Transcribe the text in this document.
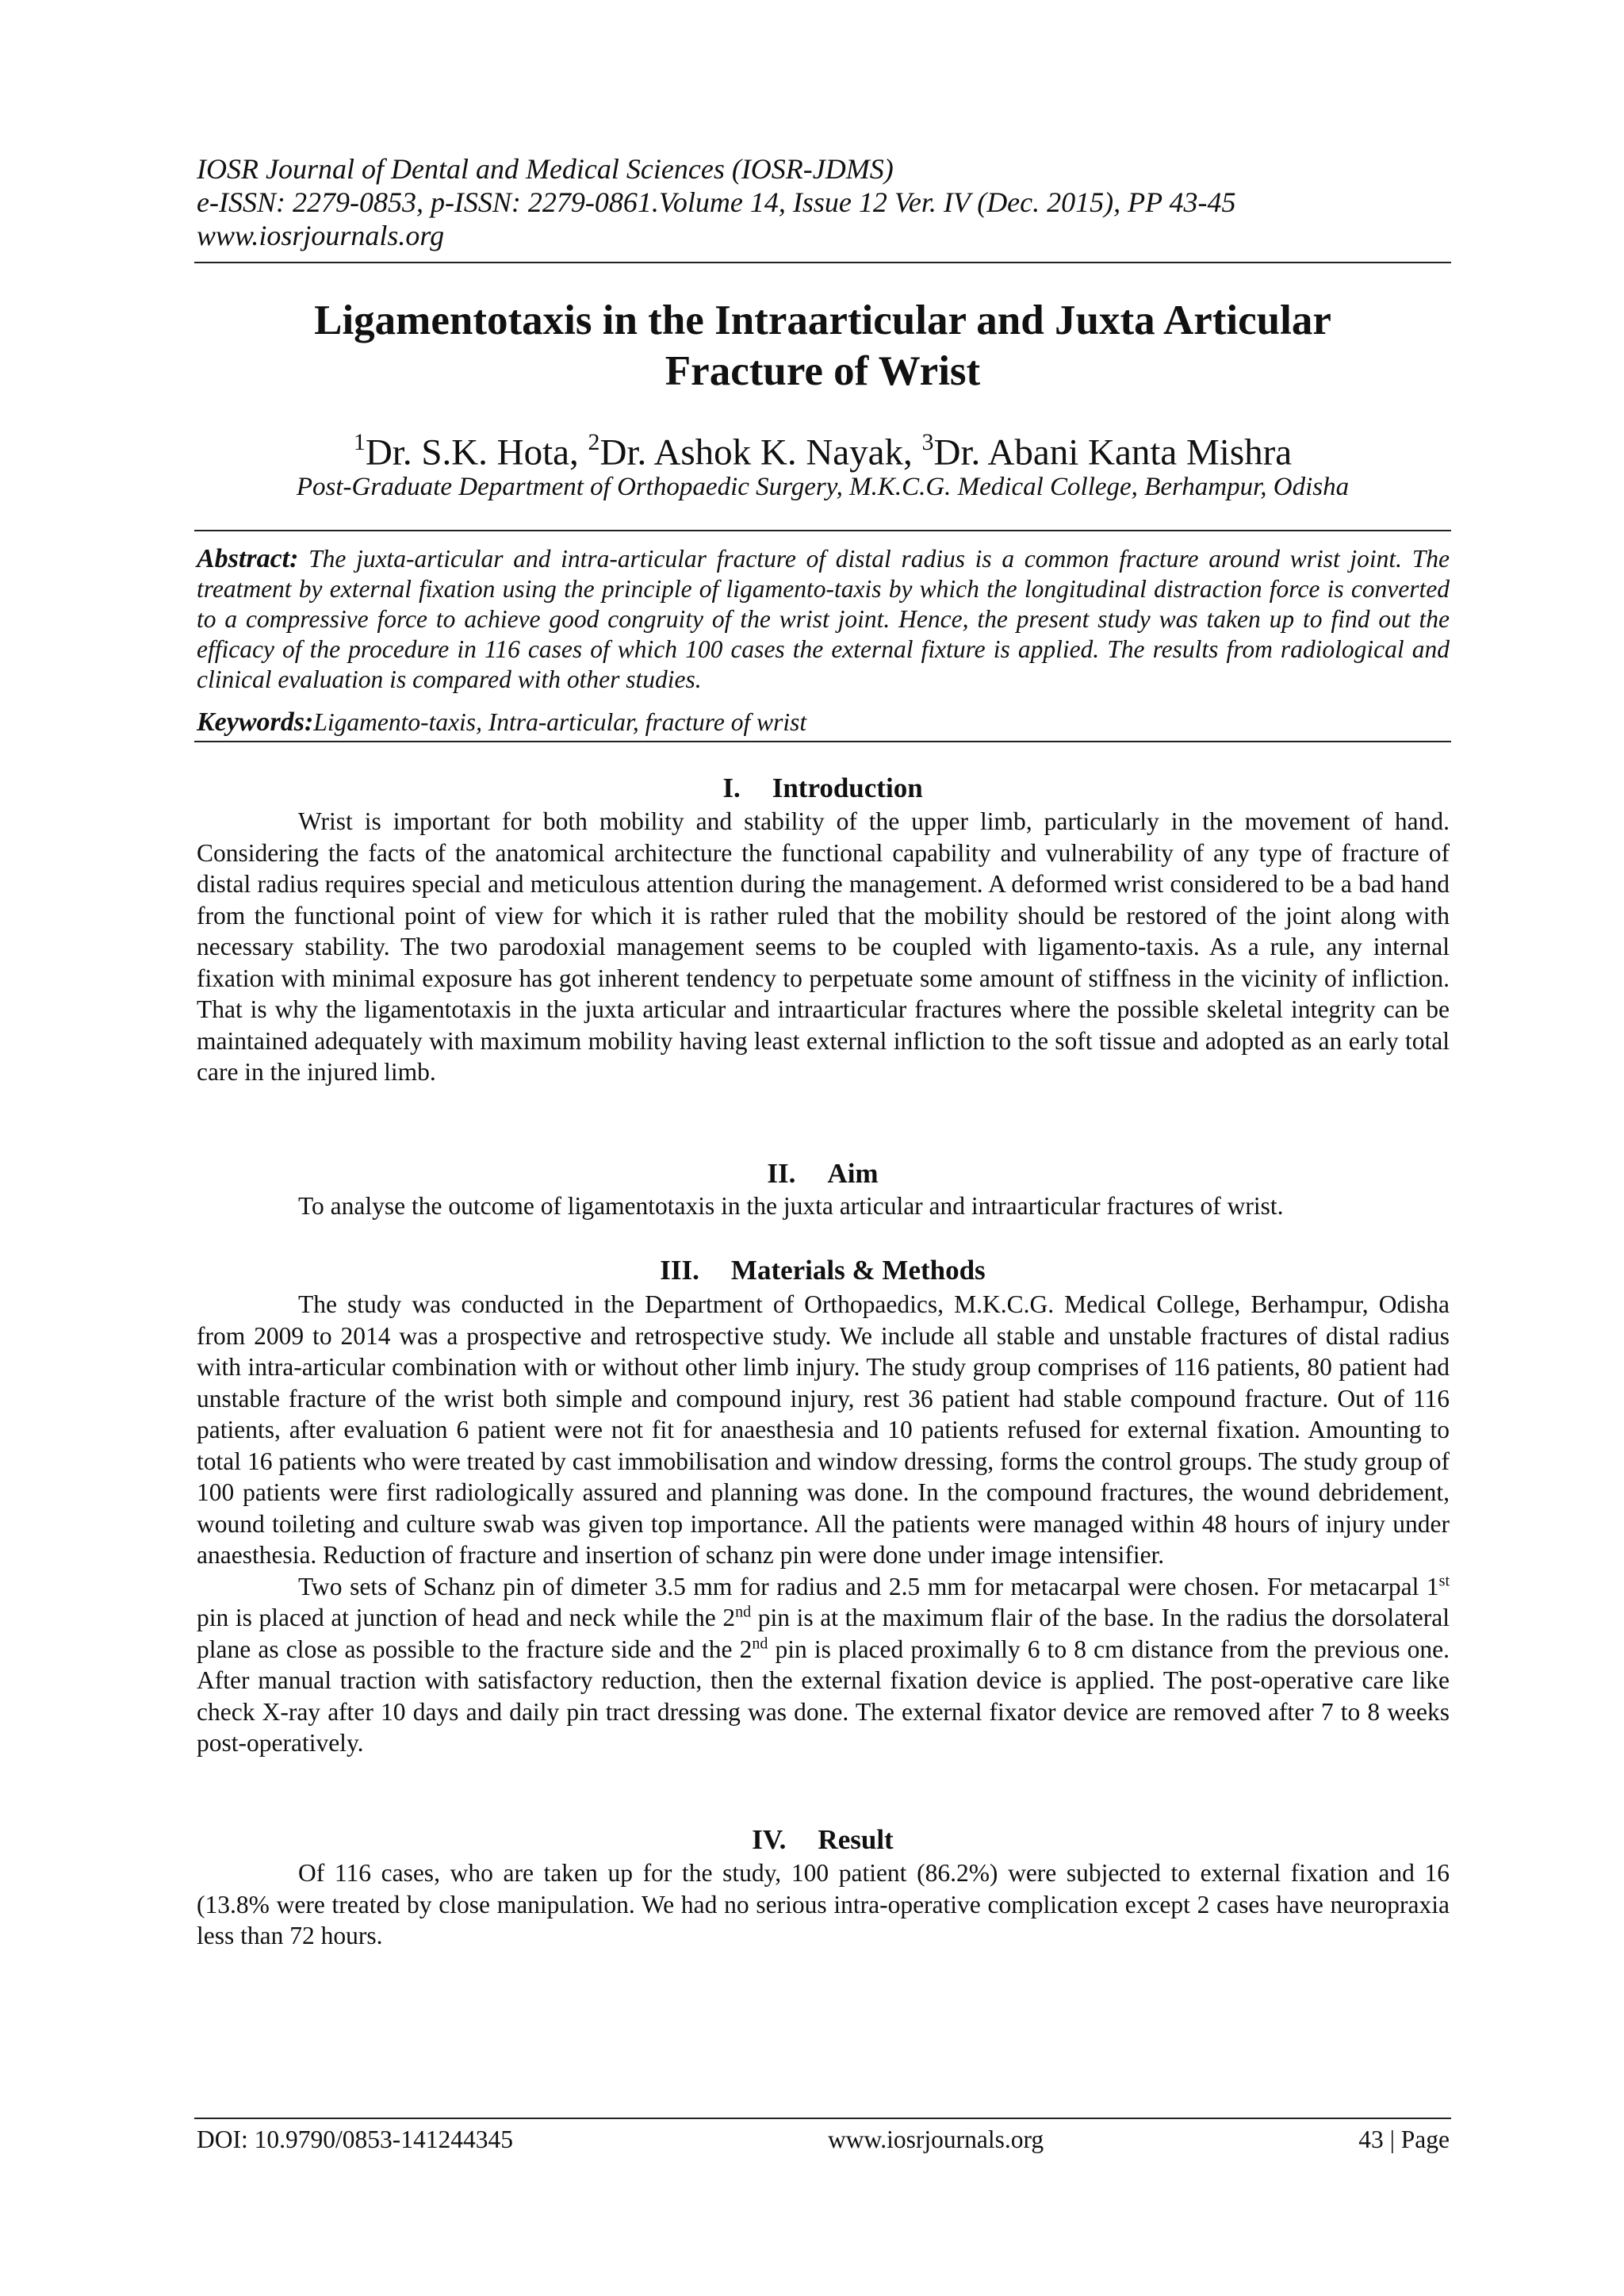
IOSR Journal of Dental and Medical Sciences (IOSR-JDMS)
e-ISSN: 2279-0853, p-ISSN: 2279-0861.Volume 14, Issue 12 Ver. IV (Dec. 2015), PP 43-45
www.iosrjournals.org
Ligamentotaxis in the Intraarticular and Juxta Articular
Fracture of Wrist
$^1$Dr. S.K. Hota, $^2$Dr. Ashok K. Nayak, $^3$Dr. Abani Kanta Mishra
Post-Graduate Department of Orthopaedic Surgery, M.K.C.G. Medical College, Berhampur, Odisha
Abstract: The juxta-articular and intra-articular fracture of distal radius is a common fracture around wrist joint. The treatment by external fixation using the principle of ligamento-taxis by which the longitudinal distraction force is converted to a compressive force to achieve good congruity of the wrist joint. Hence, the present study was taken up to find out the efficacy of the procedure in 116 cases of which 100 cases the external fixture is applied. The results from radiological and clinical evaluation is compared with other studies.
Keywords:Ligamento-taxis, Intra-articular, fracture of wrist
I. Introduction

Wrist is important for both mobility and stability of the upper limb, particularly in the movement of hand. Considering the facts of the anatomical architecture the functional capability and vulnerability of any type of fracture of distal radius requires special and meticulous attention during the management. A deformed wrist considered to be a bad hand from the functional point of view for which it is rather ruled that the mobility should be restored of the joint along with necessary stability. The two parodoxial management seems to be coupled with ligamento-taxis. As a rule, any internal fixation with minimal exposure has got inherent tendency to perpetuate some amount of stiffness in the vicinity of infliction. That is why the ligamentotaxis in the juxta articular and intraarticular fractures where the possible skeletal integrity can be maintained adequately with maximum mobility having least external infliction to the soft tissue and adopted as an early total care in the injured limb.

II. Aim
To analyse the outcome of ligamentotaxis in the juxta articular and intraarticular fractures of wrist.
III. Materials & Methods

The study was conducted in the Department of Orthopaedics, M.K.C.G. Medical College, Berhampur, Odisha from 2009 to 2014 was a prospective and retrospective study. We include all stable and unstable fractures of distal radius with intra-articular combination with or without other limb injury. The study group comprises of 116 patients, 80 patient had unstable fracture of the wrist both simple and compound injury, rest 36 patient had stable compound fracture. Out of 116 patients, after evaluation 6 patient were not fit for anaesthesia and 10 patients refused for external fixation. Amounting to total 16 patients who were treated by cast immobilisation and window dressing, forms the control groups. The study group of 100 patients were first radiologically assured and planning was done. In the compound fractures, the wound debridement, wound toileting and culture swab was given top importance. All the patients were managed within 48 hours of injury under anaesthesia. Reduction of fracture and insertion of schanz pin were done under image intensifier.

Two sets of Schanz pin of dimeter 3.5 mm for radius and 2.5 mm for metacarpal were chosen. For metacarpal 1st pin is placed at junction of head and neck while the 2nd pin is at the maximum flair of the base. In the radius the dorsolateral plane as close as possible to the fracture side and the 2nd pin is placed proximally 6 to 8 cm distance from the previous one. After manual traction with satisfactory reduction, then the external fixation device is applied. The post-operative care like check X-ray after 10 days and daily pin tract dressing was done. The external fixator device are removed after 7 to 8 weeks post-operatively.

IV. Result

Of 116 cases, who are taken up for the study, 100 patient (86.2%) were subjected to external fixation and 16 (13.8% were treated by close manipulation. We had no serious intra-operative complication except 2 cases have neuropraxia less than 72 hours.

DOI: 10.9790/0853-141244345	www.iosrjournals.org	43 | Page
